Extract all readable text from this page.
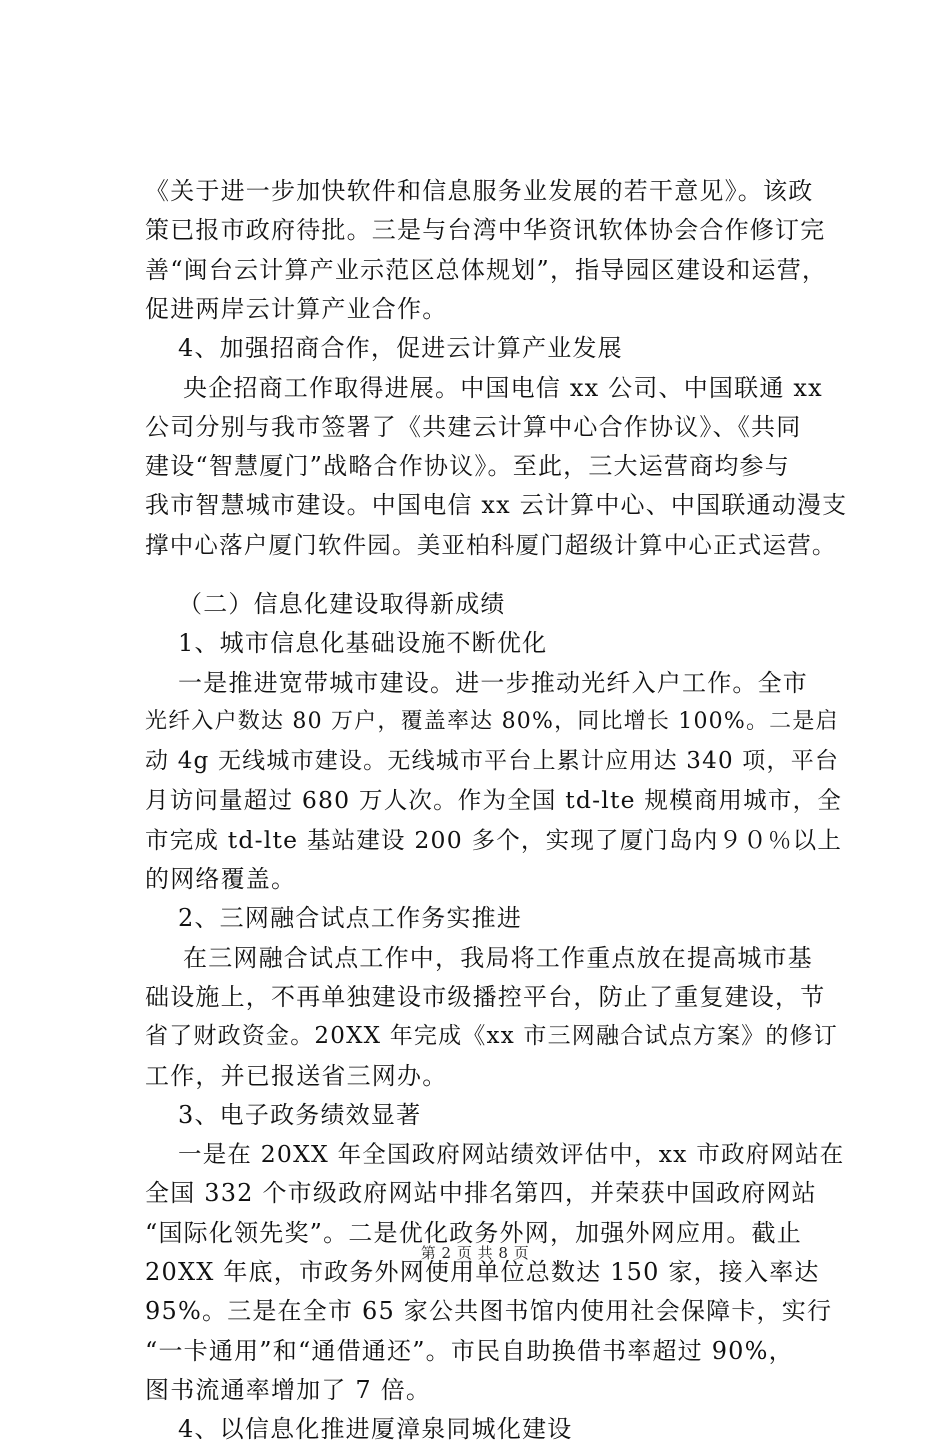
《关于进一步加快软件和信息服务业发展的若干意见》。该政
策已报市政府待批。三是与台湾中华资讯软体协会合作修订完
善“闽台云计算产业示范区总体规划”，指导园区建设和运营，
促进两岸云计算产业合作。
4、加强招商合作，促进云计算产业发展
央企招商工作取得进展。中国电信 xx 公司、中国联通 xx
公司分别与我市签署了《共建云计算中心合作协议》、《共同
建设“智慧厦门”战略合作协议》。至此，三大运营商均参与
我市智慧城市建设。中国电信 xx 云计算中心、中国联通动漫支
撑中心落户厦门软件园。美亚柏科厦门超级计算中心正式运营。
（二）信息化建设取得新成绩
1、城市信息化基础设施不断优化
一是推进宽带城市建设。进一步推动光纤入户工作。全市
光纤入户数达 80 万户，覆盖率达 80%，同比增长 100%。二是启
动 4g 无线城市建设。无线城市平台上累计应用达 340 项，平台
月访问量超过 680 万人次。作为全国 td-lte 规模商用城市，全
市完成 td-lte 基站建设 200 多个，实现了厦门岛内９０％以上
的网络覆盖。
2、三网融合试点工作务实推进
在三网融合试点工作中，我局将工作重点放在提高城市基
础设施上，不再单独建设市级播控平台，防止了重复建设，节
省了财政资金。20XX 年完成《xx 市三网融合试点方案》的修订
工作，并已报送省三网办。
3、电子政务绩效显著
一是在 20XX 年全国政府网站绩效评估中，xx 市政府网站在
全国 332 个市级政府网站中排名第四，并荣获中国政府网站
“国际化领先奖”。二是优化政务外网，加强外网应用。截止
20XX 年底，市政务外网使用单位总数达 150 家，接入率达
95%。三是在全市 65 家公共图书馆内使用社会保障卡，实行
“一卡通用”和“通借通还”。市民自助换借书率超过 90%，
图书流通率增加了 7 倍。
4、以信息化推进厦漳泉同城化建设
第 2 页 共 8 页
